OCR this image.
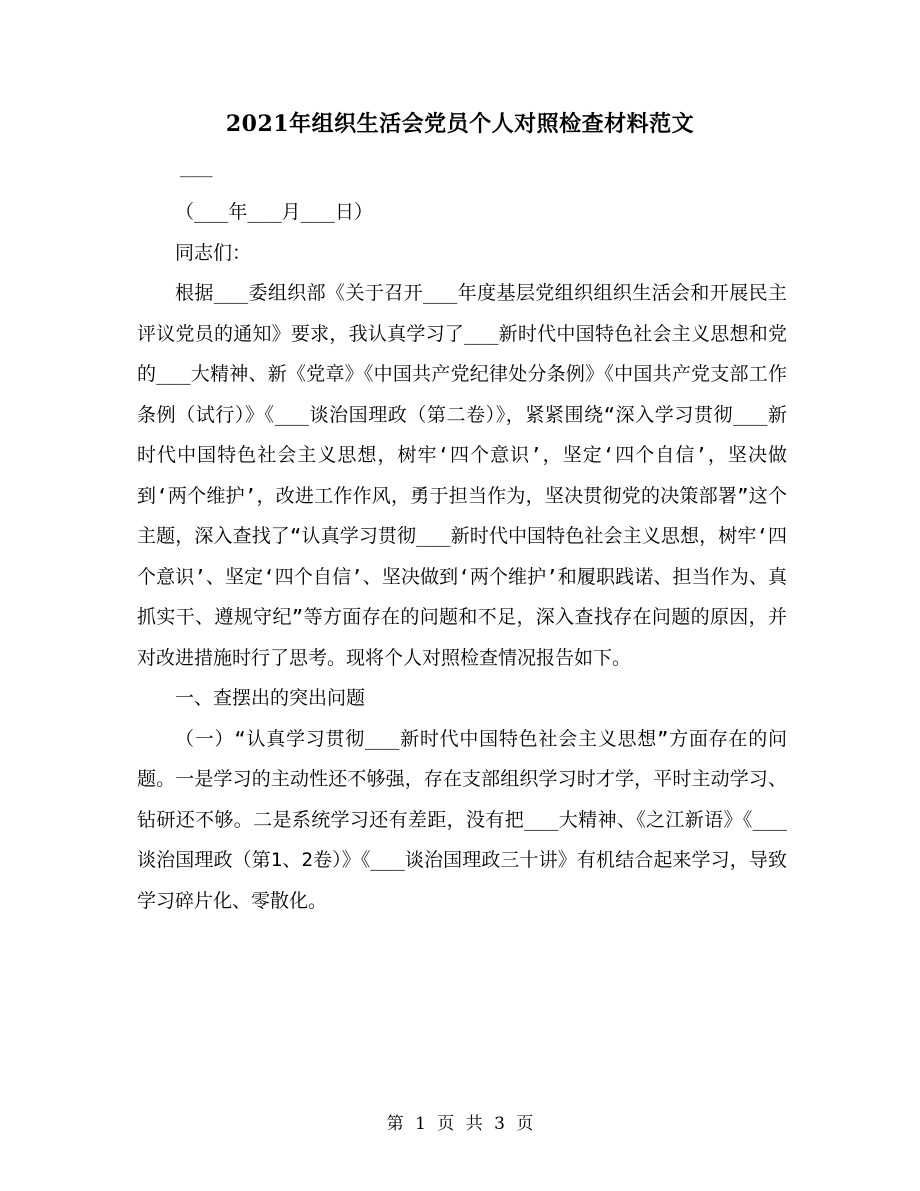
2021年组织生活会党员个人对照检查材料范文
___

（___年___月___日）

同志们：

根据___委组织部《关于召开___年度基层党组织组织生活会和开展民主评议党员的通知》要求，我认真学习了___新时代中国特色社会主义思想和党的___大精神、新《党章》《中国共产党纪律处分条例》《中国共产党支部工作条例（试行）》《___谈治国理政（第二卷）》，紧紧围绕“深入学习贯彻___新时代中国特色社会主义思想，树牢‘四个意识’，坚定‘四个自信’，坚决做到‘两个维护’，改进工作作风，勇于担当作为，坚决贯彻党的决策部署”这个主题，深入查找了“认真学习贯彻___新时代中国特色社会主义思想，树牢‘四个意识’、坚定‘四个自信’、坚决做到‘两个维护’和履职践诺、担当作为、真抓实干、遵规守纪”等方面存在的问题和不足，深入查找存在问题的原因，并对改进措施时行了思考。现将个人对照检查情况报告如下。

一、查摆出的突出问题

（一）“认真学习贯彻___新时代中国特色社会主义思想”方面存在的问题。一是学习的主动性还不够强，存在支部组织学习时才学，平时主动学习、钻研还不够。二是系统学习还有差距，没有把___大精神、《之江新语》《___谈治国理政（第1、2卷）》《___谈治国理政三十讲》有机结合起来学习，导致学习碎片化、零散化。

第 1 页 共 3 页
